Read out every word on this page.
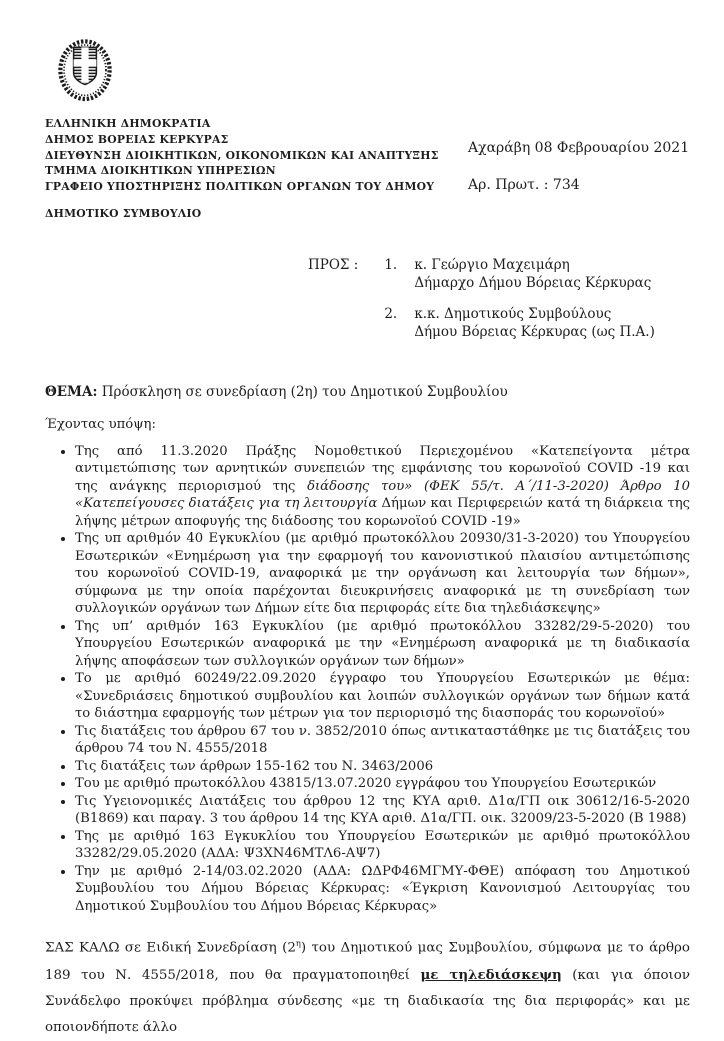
ΕΛΛΗΝΙΚΗ ΔΗΜΟΚΡΑΤΙΑ
ΔΗΜΟΣ ΒΟΡΕΙΑΣ ΚΕΡΚΥΡΑΣ
ΔΙΕΥΘΥΝΣΗ ΔΙΟΙΚΗΤΙΚΩΝ, ΟΙΚΟΝΟΜΙΚΩΝ ΚΑΙ ΑΝΑΠΤΥΞΗΣ
ΤΜΗΜΑ ΔΙΟΙΚΗΤΙΚΩΝ ΥΠΗΡΕΣΙΩΝ
ΓΡΑΦΕΙΟ ΥΠΟΣΤΗΡΙΞΗΣ ΠΟΛΙΤΙΚΩΝ ΟΡΓΑΝΩΝ ΤΟΥ ΔΗΜΟΥ
Αχαράβη 08 Φεβρουαρίου 2021
Αρ. Πρωτ. : 734
ΔΗΜΟΤΙΚΟ ΣΥΜΒΟΥΛΙΟ
ΠΡΟΣ : 1.	κ. Γεώργιο Μαχειμάρη
Δήμαρχο Δήμου Βόρειας Κέρκυρας
2.	κ.κ. Δημοτικούς Συμβούλους
Δήμου Βόρειας Κέρκυρας (ως Π.Α.)

ΘΕΜΑ: Πρόσκληση σε συνεδρίαση (2η) του Δημοτικού Συμβουλίου

Έχοντας υπόψη:

• Της από 11.3.2020 Πράξης Νομοθετικού Περιεχομένου «Κατεπείγοντα μέτρα αντιμετώπισης των αρνητικών συνεπειών της εμφάνισης του κορωνοϊού COVID -19 και της ανάγκης περιορισμού της διάδοσης του» (ΦΕΚ 55/τ. Α΄/11-3-2020) Άρθρο 10 «Κατεπείγουσες διατάξεις για τη λειτουργία Δήμων και Περιφερειών κατά τη διάρκεια της λήψης μέτρων αποφυγής της διάδοσης του κορωνοϊού COVID -19»
• Της υπ αριθμόν 40 Εγκυκλίου (με αριθμό πρωτοκόλλου 20930/31-3-2020) του Υπουργείου Εσωτερικών «Ενημέρωση για την εφαρμογή του κανονιστικού πλαισίου αντιμετώπισης του κορωνοϊού COVID-19, αναφορικά με την οργάνωση και λειτουργία των δήμων», σύμφωνα με την οποία παρέχονται διευκρινήσεις αναφορικά με τη συνεδρίαση των συλλογικών οργάνων των Δήμων είτε δια περιφοράς είτε δια τηλεδιάσκεψης»
• Της υπ’ αριθμόν 163 Εγκυκλίου (με αριθμό πρωτοκόλλου 33282/29-5-2020) του Υπουργείου Εσωτερικών αναφορικά με την «Ενημέρωση αναφορικά με τη διαδικασία λήψης αποφάσεων των συλλογικών οργάνων των δήμων»
• Το με αριθμό 60249/22.09.2020 έγγραφο του Υπουργείου Εσωτερικών με θέμα: «Συνεδριάσεις δημοτικού συμβουλίου και λοιπών συλλογικών οργάνων των δήμων κατά το διάστημα εφαρμογής των μέτρων για τον περιορισμό της διασποράς του κορωνοϊού»
• Τις διατάξεις του άρθρου 67 του ν. 3852/2010 όπως αντικαταστάθηκε με τις διατάξεις του άρθρου 74 του Ν. 4555/2018
• Τις διατάξεις των άρθρων 155-162 του Ν. 3463/2006
• Του με αριθμό πρωτοκόλλου 43815/13.07.2020 εγγράφου του Υπουργείου Εσωτερικών
• Τις Υγειονομικές Διατάξεις του άρθρου 12 της ΚΥΑ αριθ. Δ1α/ΓΠ οικ 30612/16-5-2020 (Β1869) και παραγ. 3 του άρθρου 14 της ΚΥΑ αριθ. Δ1α/ΓΠ. οικ. 32009/23-5-2020 (Β 1988)
• Της με αριθμό 163 Εγκυκλίου του Υπουργείου Εσωτερικών με αριθμό πρωτοκόλλου 33282/29.05.2020 (ΑΔΑ: Ψ3ΧΝ46ΜΤΛ6-ΑΨ7)
• Την με αριθμό 2-14/03.02.2020 (ΑΔΑ: ΩΔΡΦ46ΜΓΜΥ-ΦΘΕ) απόφαση του Δημοτικού Συμβουλίου του Δήμου Βόρειας Κέρκυρας: «Έγκριση Κανονισμού Λειτουργίας του Δημοτικού Συμβουλίου του Δήμου Βόρειας Κέρκυρας»

ΣΑΣ ΚΑΛΩ σε Ειδική Συνεδρίαση $(2^\eta)$ του Δημοτικού μας Συμβουλίου, σύμφωνα με το άρθρο 189 του Ν. 4555/2018, που θα πραγματοποιηθεί με τηλεδιάσκεψη (και για όποιον Συνάδελφο προκύψει πρόβλημα σύνδεσης «με τη διαδικασία της δια περιφοράς» και με οποιονδήποτε άλλο
